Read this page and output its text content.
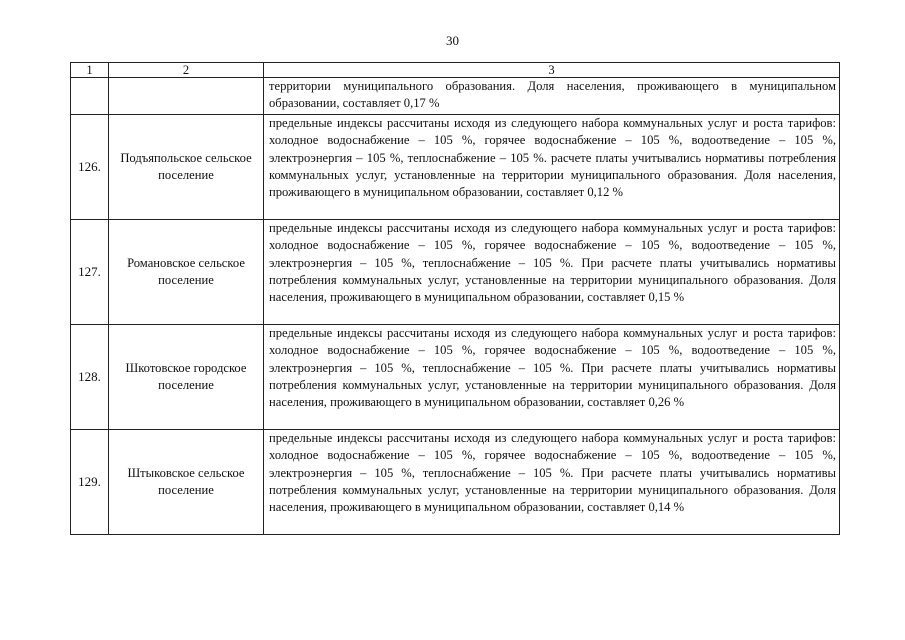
30
1	2	3
		территории муниципального образования. Доля населения, проживающего в муниципальном образовании, составляет 0,17 %
126.	Подъяпольское сельское поселение	предельные индексы рассчитаны исходя из следующего набора коммунальных услуг и роста тарифов: холодное водоснабжение – 105 %, горячее водоснабжение – 105 %, водоотведение – 105 %, электроэнергия – 105 %, теплоснабжение – 105 %. расчете платы учитывались нормативы потребления коммунальных услуг, установленные на территории муниципального образования. Доля населения, проживающего в муниципальном образовании, составляет 0,12 %
127.	Романовское сельское поселение	предельные индексы рассчитаны исходя из следующего набора коммунальных услуг и роста тарифов: холодное водоснабжение – 105 %, горячее водоснабжение – 105 %, водоотведение – 105 %, электроэнергия – 105 %, теплоснабжение – 105 %. При расчете платы учитывались нормативы потребления коммунальных услуг, установленные на территории муниципального образования. Доля населения, проживающего в муниципальном образовании, составляет 0,15 %
128.	Шкотовское городское поселение	предельные индексы рассчитаны исходя из следующего набора коммунальных услуг и роста тарифов: холодное водоснабжение – 105 %, горячее водоснабжение – 105 %, водоотведение – 105 %, электроэнергия – 105 %, теплоснабжение – 105 %. При расчете платы учитывались нормативы потребления коммунальных услуг, установленные на территории муниципального образования. Доля населения, проживающего в муниципальном образовании, составляет 0,26 %
129.	Штыковское сельское поселение	предельные индексы рассчитаны исходя из следующего набора коммунальных услуг и роста тарифов: холодное водоснабжение – 105 %, горячее водоснабжение – 105 %, водоотведение – 105 %, электроэнергия – 105 %, теплоснабжение – 105 %. При расчете платы учитывались нормативы потребления коммунальных услуг, установленные на территории муниципального образования. Доля населения, проживающего в муниципальном образовании, составляет 0,14 %
